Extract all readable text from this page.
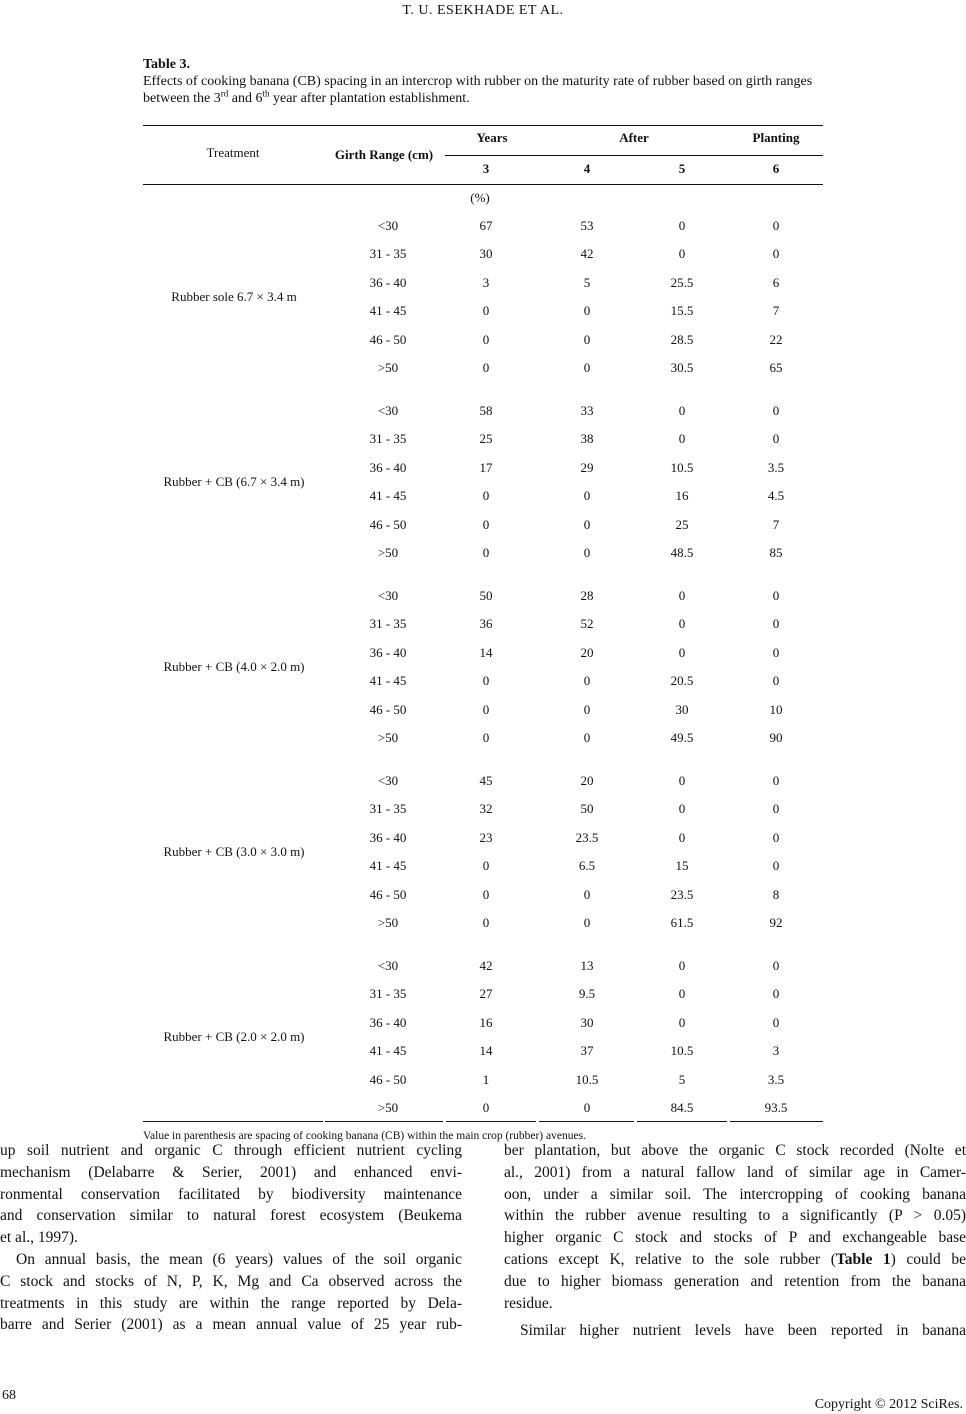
T. U. ESEKHADE ET AL.
Table 3.
Effects of cooking banana (CB) spacing in an intercrop with rubber on the maturity rate of rubber based on girth ranges between the 3rd and 6th year after plantation establishment.
Treatment	Girth Range (cm)
Years	After	Planting
3	4	5	6
(%)
Rubber sole 6.7 × 3.4 m
<30	67	53	0	0
31 - 35	30	42	0	0
36 - 40	3	5	25.5	6
41 - 45	0	0	15.5	7
46 - 50	0	0	28.5	22
>50	0	0	30.5	65
Rubber + CB (6.7 × 3.4 m)
<30	58	33	0	0
31 - 35	25	38	0	0
36 - 40	17	29	10.5	3.5
41 - 45	0	0	16	4.5
46 - 50	0	0	25	7
>50	0	0	48.5	85
Rubber + CB (4.0 × 2.0 m)
<30	50	28	0	0
31 - 35	36	52	0	0
36 - 40	14	20	0	0
41 - 45	0	0	20.5	0
46 - 50	0	0	30	10
>50	0	0	49.5	90
Rubber + CB (3.0 × 3.0 m)
<30	45	20	0	0
31 - 35	32	50	0	0
36 - 40	23	23.5	0	0
41 - 45	0	6.5	15	0
46 - 50	0	0	23.5	8
>50	0	0	61.5	92
Rubber + CB (2.0 × 2.0 m)
<30	42	13	0	0
31 - 35	27	9.5	0	0
36 - 40	16	30	0	0
41 - 45	14	37	10.5	3
46 - 50	1	10.5	5	3.5
>50	0	0	84.5	93.5
Value in parenthesis are spacing of cooking banana (CB) within the main crop (rubber) avenues.
up soil nutrient and organic C through efficient nutrient cycling
mechanism (Delabarre & Serier, 2001) and enhanced envi-
ronmental conservation facilitated by biodiversity maintenance
and conservation similar to natural forest ecosystem (Beukema
et al., 1997).
On annual basis, the mean (6 years) values of the soil organic
C stock and stocks of N, P, K, Mg and Ca observed across the
treatments in this study are within the range reported by Dela-
barre and Serier (2001) as a mean annual value of 25 year rub-
ber plantation, but above the organic C stock recorded (Nolte et
al., 2001) from a natural fallow land of similar age in Camer-
oon, under a similar soil. The intercropping of cooking banana
within the rubber avenue resulting to a significantly (P > 0.05)
higher organic C stock and stocks of P and exchangeable base
cations except K, relative to the sole rubber (Table 1) could be
due to higher biomass generation and retention from the banana
residue.
Similar higher nutrient levels have been reported in banana
68
Copyright © 2012 SciRes.
